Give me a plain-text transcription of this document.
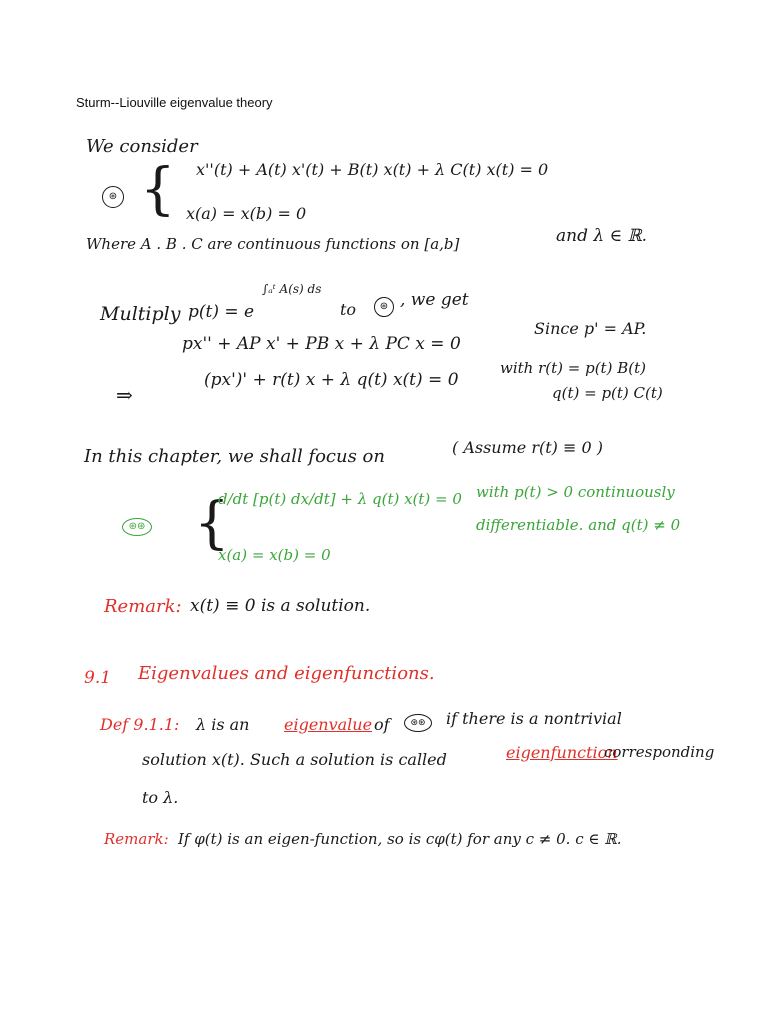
Sturm--Liouville eigenvalue theory
We consider
x''(t) + A(t) x'(t) + B(t) x(t) + λ C(t) x(t) = 0
⊛ { x(a) = x(b) = 0
Where A . B . C are continuous functions on [a,b]	and λ ∈ ℝ.
Multiply p(t) = e
∫ₐᵗ A(s) ds
to	⊛ , we get
px'' + AP x' + PB x + λ PC x = 0
Since p' = AP.
⇒
(px')' + r(t) x + λ q(t) x(t) = 0
with r(t) = p(t) B(t)
q(t) = p(t) C(t)
In this chapter, we shall focus on	( Assume r(t) ≡ 0 )
⊛⊛ {
d/dt [p(t) dx/dt] + λ q(t) x(t) = 0
x(a) = x(b) = 0
with p(t) > 0 continuously
differentiable. and q(t) ≠ 0
Remark: x(t) ≡ 0 is a solution.
9.1 Eigenvalues and eigenfunctions.
Def 9.1.1: λ is an eigenvalue of	⊛⊛	if there is a nontrivial
solution x(t). Such a solution is called	eigenfunction
corresponding
to λ.
Remark: If φ(t) is an eigen-function, so is cφ(t) for any c ≠ 0. c ∈ ℝ.
